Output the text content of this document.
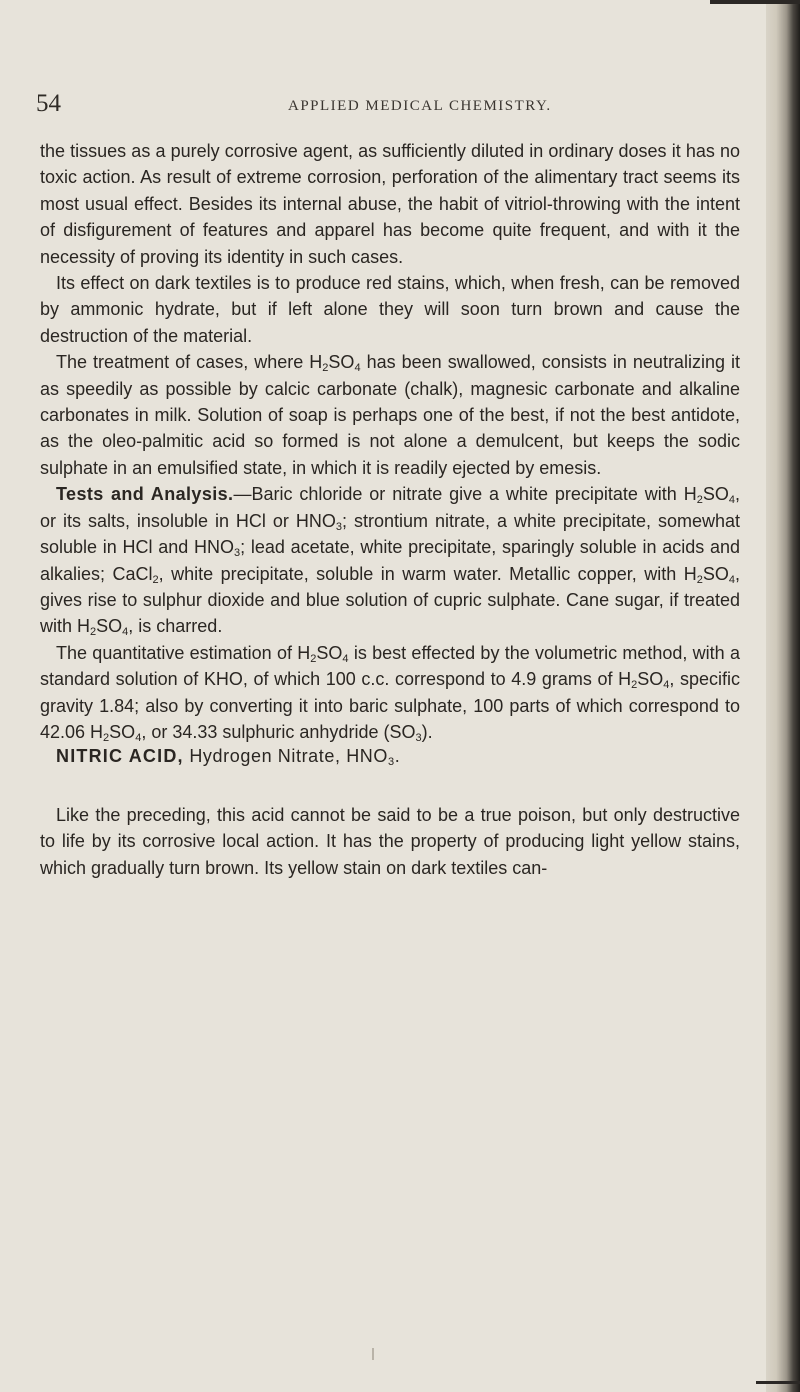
54	APPLIED MEDICAL CHEMISTRY.

the tissues as a purely corrosive agent, as sufficiently diluted in ordinary doses it has no toxic action. As result of extreme corrosion, perforation of the alimentary tract seems its most usual effect. Besides its internal abuse, the habit of vitriol-throwing with the intent of disfigurement of features and apparel has become quite frequent, and with it the necessity of proving its identity in such cases.

Its effect on dark textiles is to produce red stains, which, when fresh, can be removed by ammonic hydrate, but if left alone they will soon turn brown and cause the destruction of the material.

The treatment of cases, where $H_2SO_4$ has been swallowed, consists in neutralizing it as speedily as possible by calcic carbonate (chalk), magnesic carbonate and alkaline carbonates in milk. Solution of soap is perhaps one of the best, if not the best antidote, as the oleo-palmitic acid so formed is not alone a demulcent, but keeps the sodic sulphate in an emulsified state, in which it is readily ejected by emesis.

Tests and Analysis.—Baric chloride or nitrate give a white precipitate with $H_2SO_4$, or its salts, insoluble in HCl or $HNO_3$; strontium nitrate, a white precipitate, somewhat soluble in HCl and $HNO_3$; lead acetate, white precipitate, sparingly soluble in acids and alkalies; CaCl$_2$, white precipitate, soluble in warm water. Metallic copper, with $H_2SO_4$, gives rise to sulphur dioxide and blue solution of cupric sulphate. Cane sugar, if treated with $H_2SO_4$, is charred.

The quantitative estimation of $H_2SO_4$ is best effected by the volumetric method, with a standard solution of KHO, of which 100 c.c. correspond to 4.9 grams of $H_2SO_4$, specific gravity 1.84; also by converting it into baric sulphate, 100 parts of which correspond to 42.06 $H_2SO_4$, or 34.33 sulphuric anhydride $(SO_3)$.

NITRIC ACID, Hydrogen Nitrate, $HNO_3$.

Like the preceding, this acid cannot be said to be a true poison, but only destructive to life by its corrosive local action. It has the property of producing light yellow stains, which gradually turn brown. Its yellow stain on dark textiles can-
